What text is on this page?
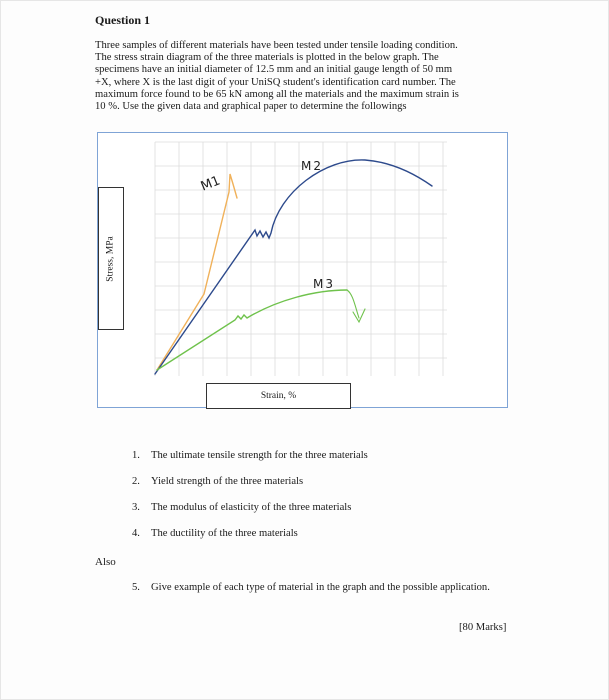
Question 1
Three samples of different materials have been tested under tensile loading condition.
The stress strain diagram of the three materials is plotted in the below graph. The
specimens have an initial diameter of 12.5 mm and an initial gauge length of 50 mm
+X, where X is the last digit of your UniSQ student's identification card number. The
maximum force found to be 65 kN among all the materials and the maximum strain is
10 %. Use the given data and graphical paper to determine the followings
M1
M2
M3
Stress, MPa
Strain, %
1.	The ultimate tensile strength for the three materials
2.	Yield strength of the three materials
3.	The modulus of elasticity of the three materials
4.	The ductility of the three materials
Also
5.	Give example of each type of material in the graph and the possible application.
[80 Marks]
